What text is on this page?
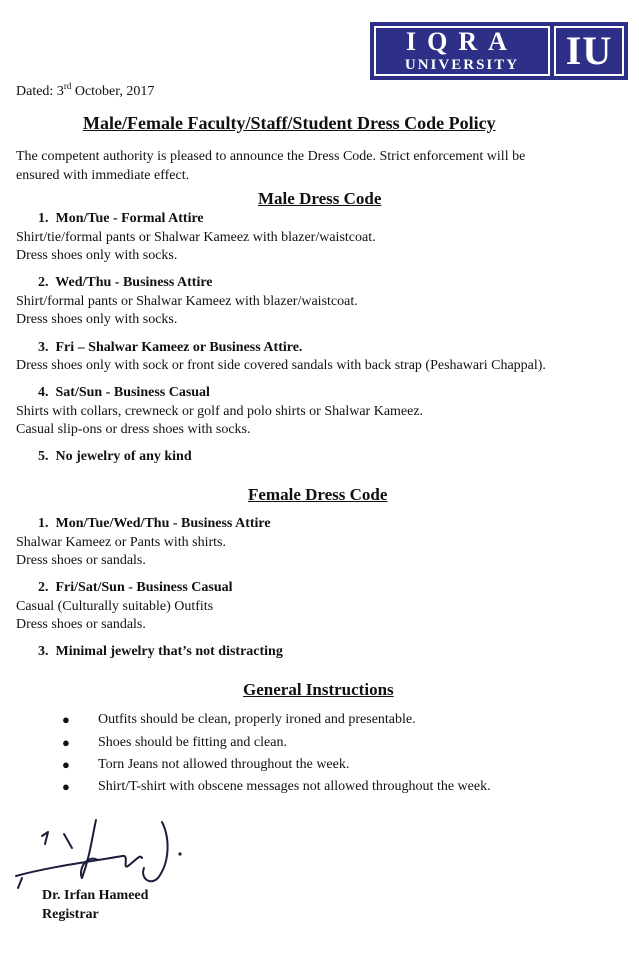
IQRA
UNIVERSITY	IU
Dated: 3rd October, 2017
Male/Female Faculty/Staff/Student Dress Code Policy
The competent authority is pleased to announce the Dress Code. Strict enforcement will be
ensured with immediate effect.
Male Dress Code
1. Mon/Tue - Formal Attire
Shirt/tie/formal pants or Shalwar Kameez with blazer/waistcoat.
Dress shoes only with socks.
2. Wed/Thu - Business Attire
Shirt/formal pants or Shalwar Kameez with blazer/waistcoat.
Dress shoes only with socks.
3. Fri – Shalwar Kameez or Business Attire.
Dress shoes only with sock or front side covered sandals with back strap (Peshawari Chappal).
4. Sat/Sun - Business Casual
Shirts with collars, crewneck or golf and polo shirts or Shalwar Kameez.
Casual slip-ons or dress shoes with socks.
5. No jewelry of any kind
Female Dress Code
1. Mon/Tue/Wed/Thu - Business Attire
Shalwar Kameez or Pants with shirts.
Dress shoes or sandals.
2. Fri/Sat/Sun - Business Casual
Casual (Culturally suitable) Outfits
Dress shoes or sandals.
3. Minimal jewelry that’s not distracting
General Instructions
● Outfits should be clean, properly ironed and presentable.
● Shoes should be fitting and clean.
● Torn Jeans not allowed throughout the week.
● Shirt/T-shirt with obscene messages not allowed throughout the week.
Dr. Irfan Hameed
Registrar
